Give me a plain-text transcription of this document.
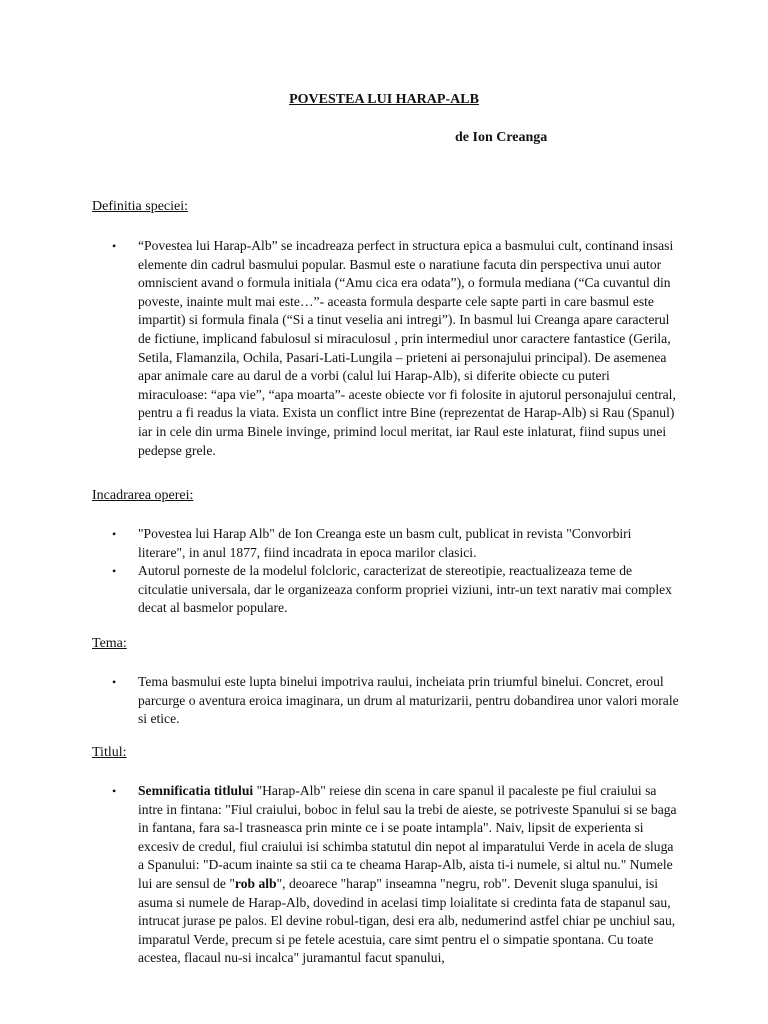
POVESTEA LUI HARAP-ALB
de Ion Creanga
Definitia speciei:
• “Povestea lui Harap-Alb” se incadreaza perfect in structura epica a basmului cult, continand insasi elemente din cadrul basmului popular. Basmul este o naratiune facuta din perspectiva unui autor omniscient avand o formula initiala (“Amu cica era odata”), o formula mediana (“Ca cuvantul din poveste, inainte mult mai este…”- aceasta formula desparte cele sapte parti in care basmul este impartit) si formula finala (“Si a tinut veselia ani intregi”). In basmul lui Creanga apare caracterul de fictiune, implicand fabulosul si miraculosul , prin intermediul unor caractere fantastice (Gerila, Setila, Flamanzila, Ochila, Pasari-Lati-Lungila – prieteni ai personajului principal). De asemenea apar animale care au darul de a vorbi (calul lui Harap-Alb), si diferite obiecte cu puteri miraculoase: “apa vie”, “apa moarta”- aceste obiecte vor fi folosite in ajutorul personajului central, pentru a fi readus la viata. Exista un conflict intre Bine (reprezentat de Harap-Alb) si Rau (Spanul) iar in cele din urma Binele invinge, primind locul meritat, iar Raul este inlaturat, fiind supus unei pedepse grele.
Incadrarea operei:
• "Povestea lui Harap Alb" de Ion Creanga este un basm cult, publicat in revista "Convorbiri literare", in anul 1877, fiind incadrata in epoca marilor clasici.
• Autorul porneste de la modelul folcloric, caracterizat de stereotipie, reactualizeaza teme de citculatie universala, dar le organizeaza conform propriei viziuni, intr-un text narativ mai complex decat al basmelor populare.
Tema:
• Tema basmului este lupta binelui impotriva raului, incheiata prin triumful binelui. Concret, eroul parcurge o aventura eroica imaginara, un drum al maturizarii, pentru dobandirea unor valori morale si etice.
Titlul:
• Semnificatia titlului "Harap-Alb" reiese din scena in care spanul il pacaleste pe fiul craiului sa intre in fintana: "Fiul craiului, boboc in felul sau la trebi de aieste, se potriveste Spanului si se baga in fantana, fara sa-l trasneasca prin minte ce i se poate intampla". Naiv, lipsit de experienta si excesiv de credul, fiul craiului isi schimba statutul din nepot al imparatului Verde in acela de sluga a Spanului: "D-acum inainte sa stii ca te cheama Harap-Alb, aista ti-i numele, si altul nu." Numele lui are sensul de "rob alb", deoarece "harap" inseamna "negru, rob". Devenit sluga spanului, isi asuma si numele de Harap-Alb, dovedind in acelasi timp loialitate si credinta fata de stapanul sau, intrucat jurase pe palos. El devine robul-tigan, desi era alb, nedumerind astfel chiar pe unchiul sau, imparatul Verde, precum si pe fetele acestuia, care simt pentru el o simpatie spontana. Cu toate acestea, flacaul nu-si incalca" juramantul facut spanului,
